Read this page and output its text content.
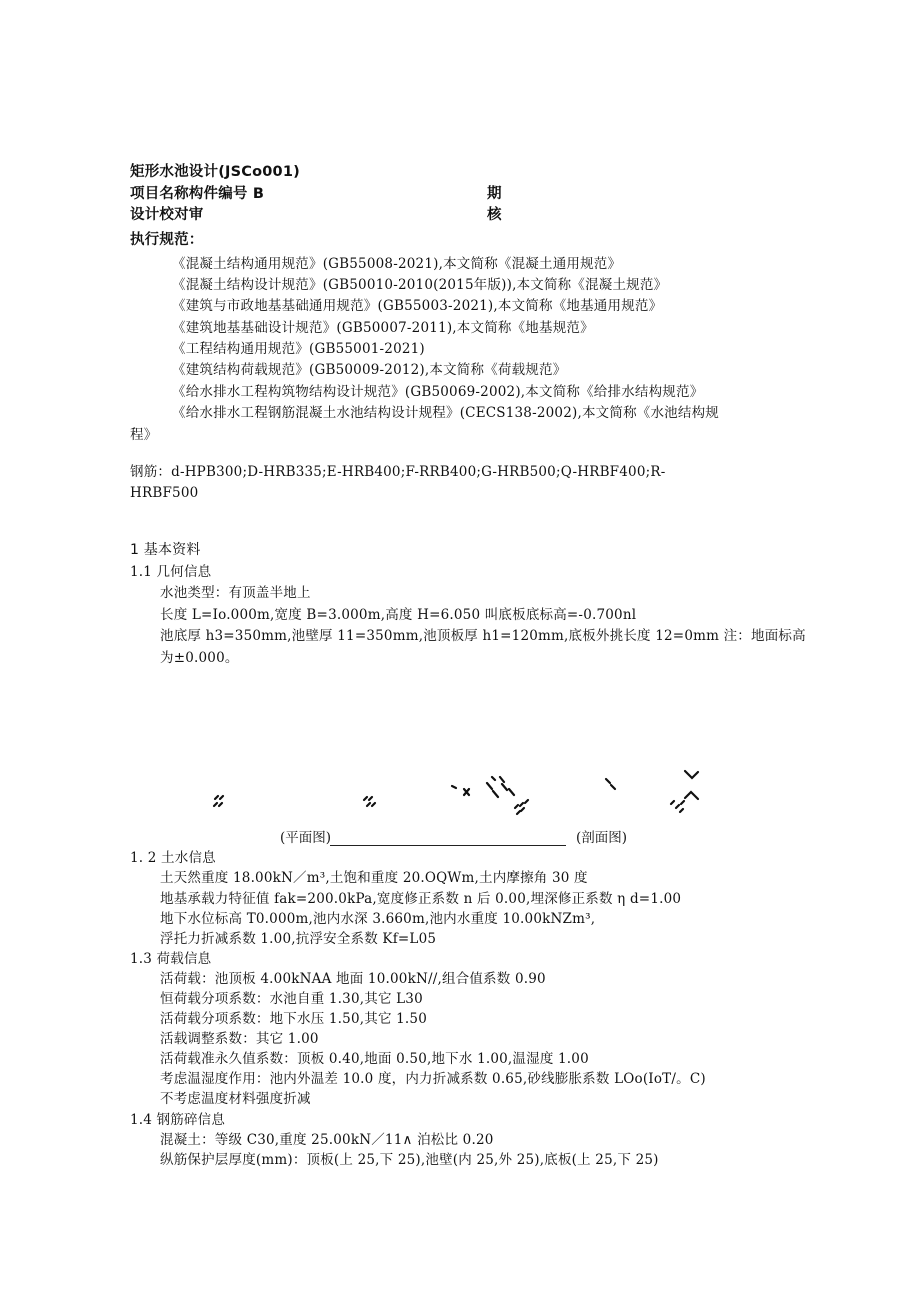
矩形水池设计(JSCo001)
项目名称构件编号 B	期
设计校对审	核
执行规范：
《混凝土结构通用规范》(GB55008-2021),本文简称《混凝土通用规范》
《混凝土结构设计规范》(GB50010-2010(2015年版)),本文简称《混凝土规范》
《建筑与市政地基基础通用规范》(GB55003-2021),本文简称《地基通用规范》
《建筑地基基础设计规范》(GB50007-2011),本文简称《地基规范》
《工程结构通用规范》(GB55001-2021)
《建筑结构荷载规范》(GB50009-2012),本文简称《荷载规范》
《给水排水工程构筑物结构设计规范》(GB50069-2002),本文简称《给排水结构规范》
《给水排水工程钢筋混凝土水池结构设计规程》(CECS138-2002),本文简称《水池结构规
程》
钢筋：d-HPB300;D-HRB335;E-HRB400;F-RRB400;G-HRB500;Q-HRBF400;R-
HRBF500
1 基本资料
1.1 几何信息
水池类型：有顶盖半地上
长度 L=Io.000m,宽度 B=3.000m,高度 H=6.050 叫底板底标高=-0.700nl
池底厚 h3=350mm,池壁厚 11=350mm,池顶板厚 h1=120mm,底板外挑长度 12=0mm 注：地面标高
为±0.000。
(平面图)	(剖面图)
1. 2 土水信息
土天然重度 18.00kN／m³,土饱和重度 20.OQWm,土内摩擦角 30 度
地基承载力特征值 fak=200.0kPa,宽度修正系数 n 后 0.00,埋深修正系数 η d=1.00
地下水位标高 T0.000m,池内水深 3.660m,池内水重度 10.00kNZm³,
浮托力折减系数 1.00,抗浮安全系数 Kf=L05
1.3 荷载信息
活荷载：池顶板 4.00kNAA 地面 10.00kN//,组合值系数 0.90
恒荷载分项系数：水池自重 1.30,其它 L30
活荷载分项系数：地下水压 1.50,其它 1.50
活载调整系数：其它 1.00
活荷载准永久值系数：顶板 0.40,地面 0.50,地下水 1.00,温湿度 1.00
考虑温湿度作用：池内外温差 10.0 度，内力折减系数 0.65,砂线膨胀系数 LOo(IoT/。C)
不考虑温度材料强度折减
1.4 钢筋碎信息
混凝土：等级 C30,重度 25.00kN／11∧ 泊松比 0.20
纵筋保护层厚度(mm)：顶板(上 25,下 25),池壁(内 25,外 25),底板(上 25,下 25)
